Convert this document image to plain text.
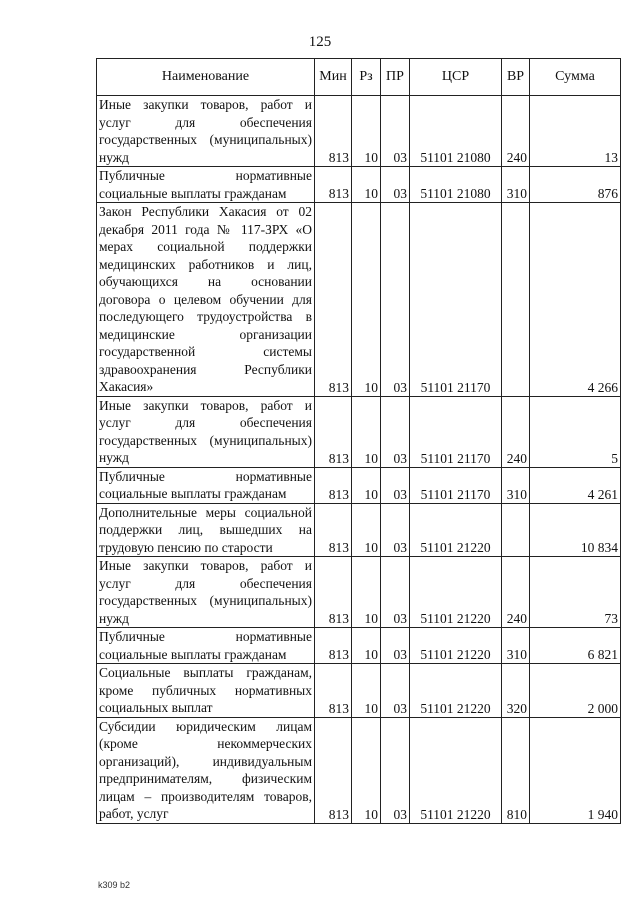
125
Наименование	Мин	Рз	ПР	ЦСР	ВР	Сумма
Иные закупки товаров, работ и услуг для обеспечения государственных (муниципальных) нужд	813	10	03	51101 21080	240	13
Публичные нормативные социальные выплаты гражданам	813	10	03	51101 21080	310	876
Закон Республики Хакасия от 02 декабря 2011 года № 117-ЗРХ «О мерах социальной поддержки медицинских работников и лиц, обучающихся на основании договора о целевом обучении для последующего трудоустройства в медицинские организации государственной системы здравоохранения Республики Хакасия»	813	10	03	51101 21170		4 266
Иные закупки товаров, работ и услуг для обеспечения государственных (муниципальных) нужд	813	10	03	51101 21170	240	5
Публичные нормативные социальные выплаты гражданам	813	10	03	51101 21170	310	4 261
Дополнительные меры социальной поддержки лиц, вышедших на трудовую пенсию по старости	813	10	03	51101 21220		10 834
Иные закупки товаров, работ и услуг для обеспечения государственных (муниципальных) нужд	813	10	03	51101 21220	240	73
Публичные нормативные социальные выплаты гражданам	813	10	03	51101 21220	310	6 821
Социальные выплаты гражданам, кроме публичных нормативных социальных выплат	813	10	03	51101 21220	320	2 000
Субсидии юридическим лицам (кроме некоммерческих организаций), индивидуальным предпринимателям, физическим лицам – производителям товаров, работ, услуг	813	10	03	51101 21220	810	1 940
k309 b2
